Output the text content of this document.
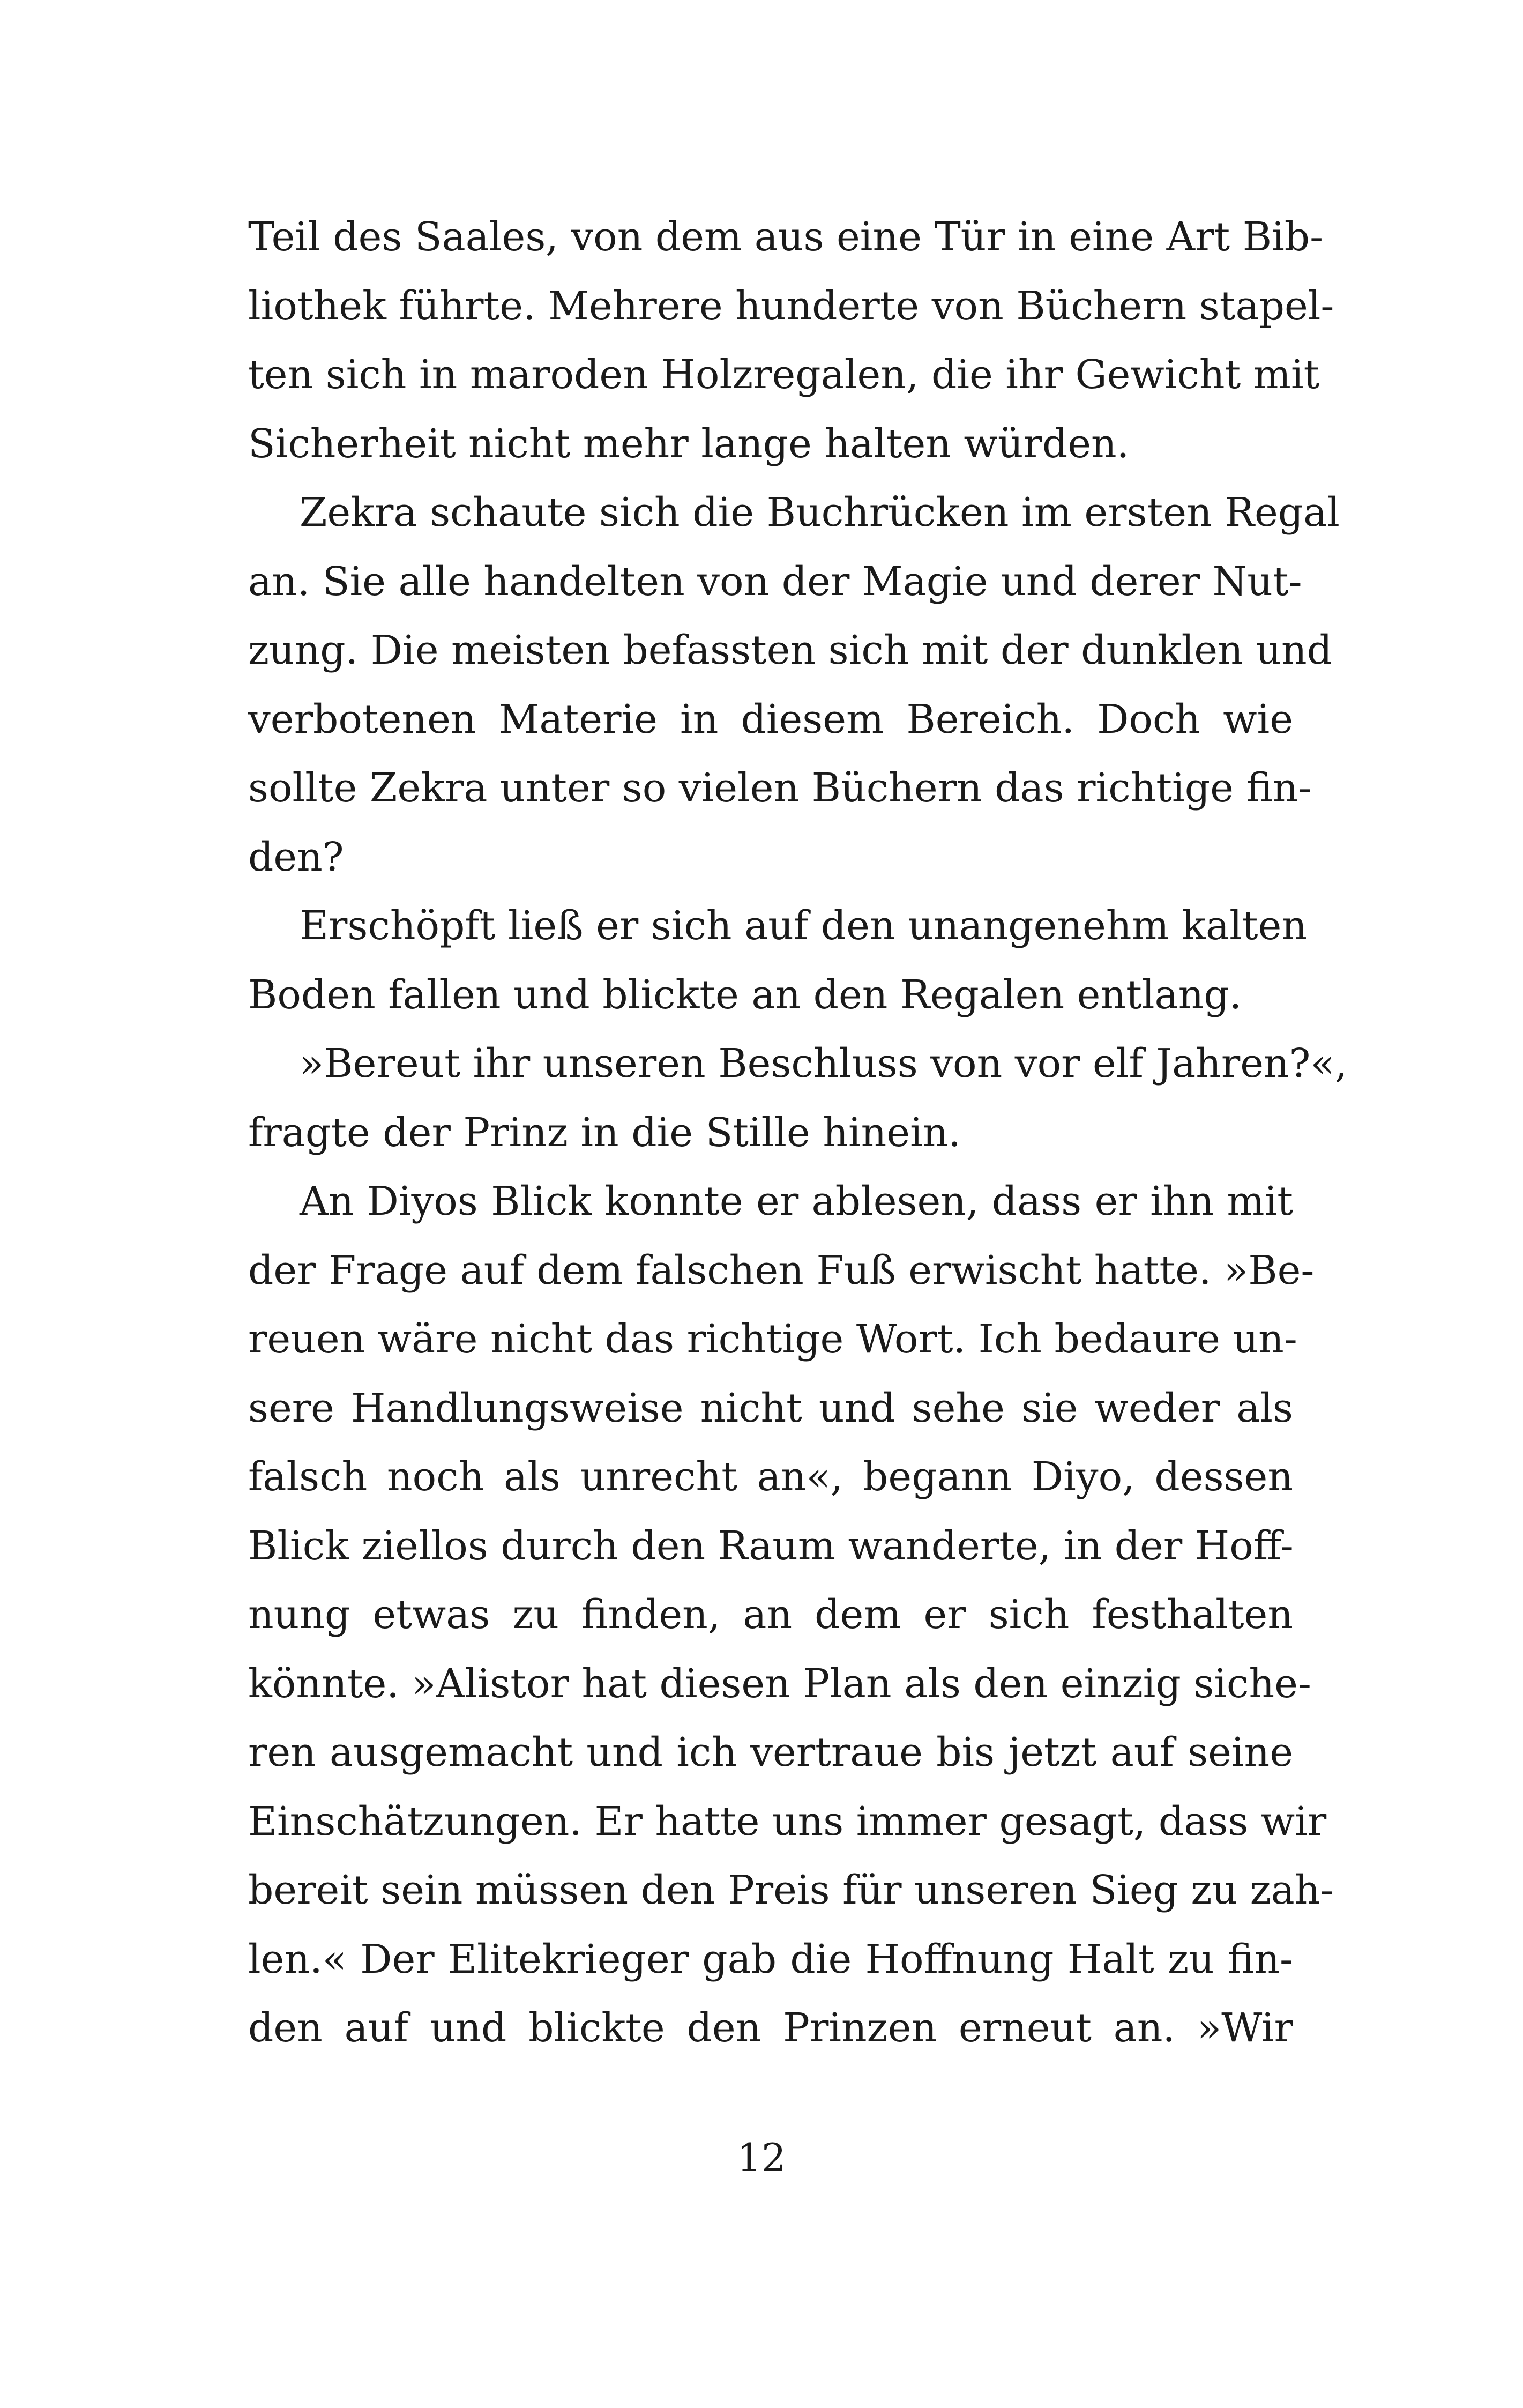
Teil des Saales, von dem aus eine Tür in eine Art Bib-
liothek führte. Mehrere hunderte von Büchern stapel-
ten sich in maroden Holzregalen, die ihr Gewicht mit
Sicherheit nicht mehr lange halten würden.
Zekra schaute sich die Buchrücken im ersten Regal
an. Sie alle handelten von der Magie und derer Nut-
zung. Die meisten befassten sich mit der dunklen und
verbotenen Materie in diesem Bereich. Doch wie
sollte Zekra unter so vielen Büchern das richtige fin-
den?
Erschöpft ließ er sich auf den unangenehm kalten
Boden fallen und blickte an den Regalen entlang.
»Bereut ihr unseren Beschluss von vor elf Jahren?«,
fragte der Prinz in die Stille hinein.
An Diyos Blick konnte er ablesen, dass er ihn mit
der Frage auf dem falschen Fuß erwischt hatte. »Be-
reuen wäre nicht das richtige Wort. Ich bedaure un-
sere Handlungsweise nicht und sehe sie weder als
falsch noch als unrecht an«, begann Diyo, dessen
Blick ziellos durch den Raum wanderte, in der Hoff-
nung etwas zu finden, an dem er sich festhalten
könnte. »Alistor hat diesen Plan als den einzig siche-
ren ausgemacht und ich vertraue bis jetzt auf seine
Einschätzungen. Er hatte uns immer gesagt, dass wir
bereit sein müssen den Preis für unseren Sieg zu zah-
len.« Der Elitekrieger gab die Hoffnung Halt zu fin-
den auf und blickte den Prinzen erneut an. »Wir
12
